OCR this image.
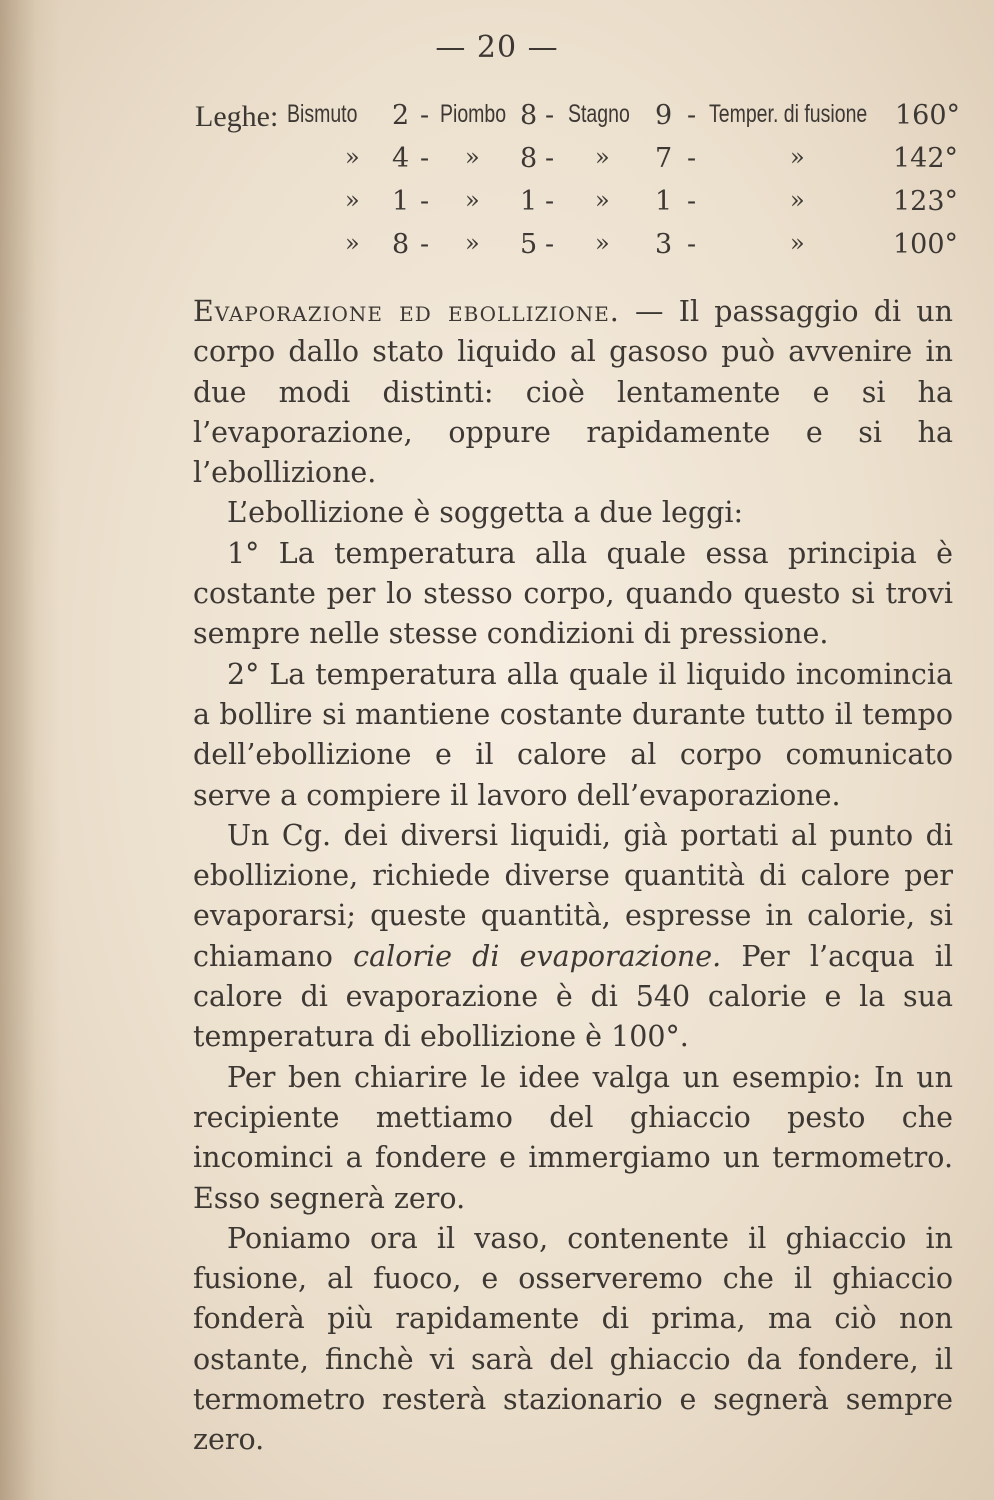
— 20 —
Leghe: Bismuto 2 - Piombo 8 - Stagno 9 - Temper. di fusione 160°
» 4 - » 8 - » 7 -	»	142°
» 1 - » 1 - » 1 -	»	123°
» 8 - » 5 - » 3 -	»	100°

Evaporazione ed ebollizione. — Il passaggio di un corpo dallo stato liquido al gasoso può avvenire in due modi distinti: cioè lentamente e si ha l’evaporazione, oppure rapidamente e si ha l’ebollizione.

L’ebollizione è soggetta a due leggi:

1° La temperatura alla quale essa principia è costante per lo stesso corpo, quando questo si trovi sempre nelle stesse condizioni di pressione.

2° La temperatura alla quale il liquido incomincia a bollire si mantiene costante durante tutto il tempo dell’ebollizione e il calore al corpo comunicato serve a compiere il lavoro dell’evaporazione.

Un Cg. dei diversi liquidi, già portati al punto di ebollizione, richiede diverse quantità di calore per evaporarsi; queste quantità, espresse in calorie, si chiamano calorie di evaporazione. Per l’acqua il calore di evaporazione è di 540 calorie e la sua temperatura di ebollizione è 100°.

Per ben chiarire le idee valga un esempio: In un recipiente mettiamo del ghiaccio pesto che incominci a fondere e immergiamo un termometro. Esso segnerà zero.

Poniamo ora il vaso, contenente il ghiaccio in fusione, al fuoco, e osserveremo che il ghiaccio fonderà più rapidamente di prima, ma ciò non ostante, finchè vi sarà del ghiaccio da fondere, il termometro resterà stazionario e segnerà sempre zero.
